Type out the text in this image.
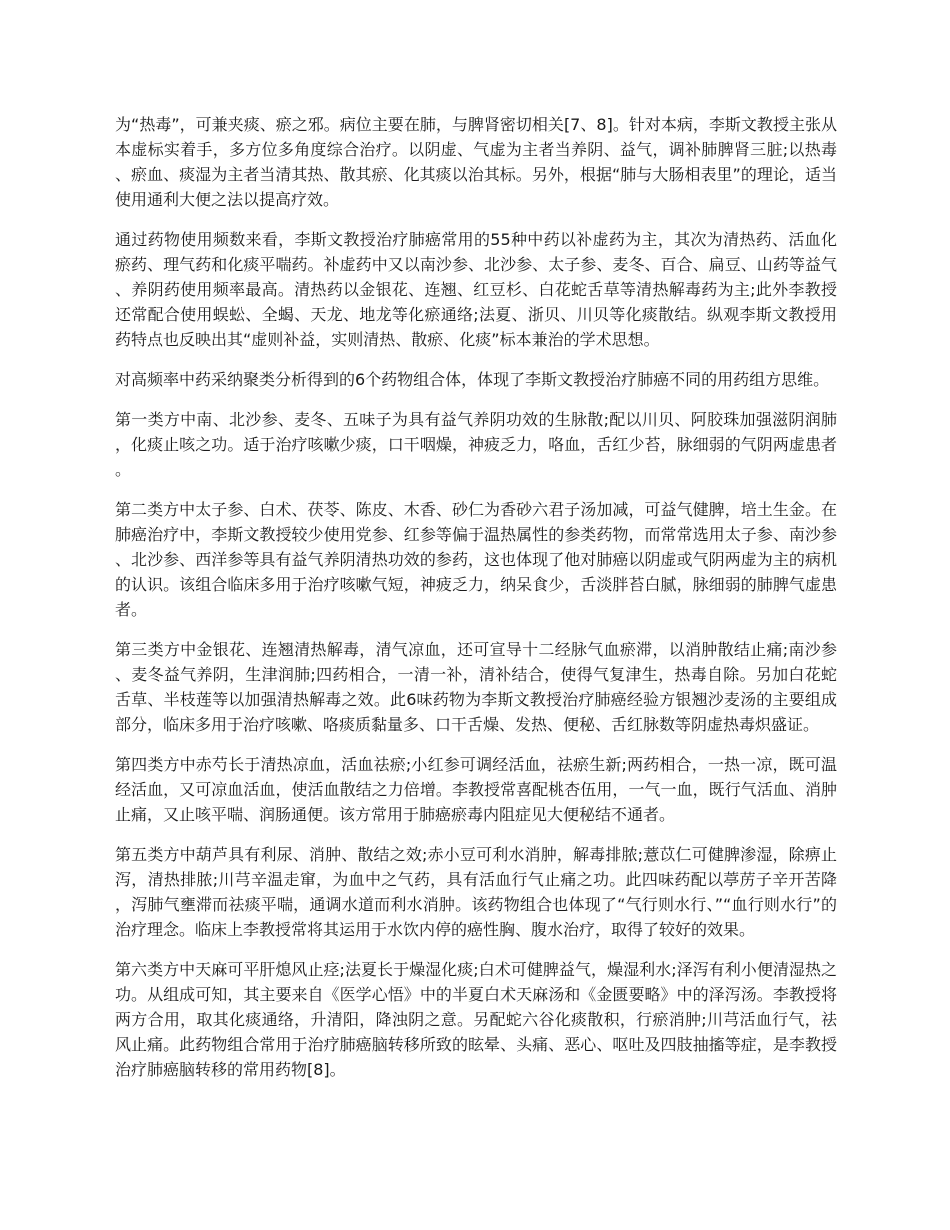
为“热毒”，可兼夹痰、瘀之邪。病位主要在肺，与脾肾密切相关[7、8]。针对本病，李斯文教授主张从本虚标实着手，多方位多角度综合治疗。以阴虚、气虚为主者当养阴、益气，调补肺脾肾三脏;以热毒、瘀血、痰湿为主者当清其热、散其瘀、化其痰以治其标。另外，根据“肺与大肠相表里”的理论，适当使用通利大便之法以提高疗效。

通过药物使用频数来看，李斯文教授治疗肺癌常用的55种中药以补虚药为主，其次为清热药、活血化瘀药、理气药和化痰平喘药。补虚药中又以南沙参、北沙参、太子参、麦冬、百合、扁豆、山药等益气、养阴药使用频率最高。清热药以金银花、连翘、红豆杉、白花蛇舌草等清热解毒药为主;此外李教授还常配合使用蜈蚣、全蝎、天龙、地龙等化瘀通络;法夏、浙贝、川贝等化痰散结。纵观李斯文教授用药特点也反映出其“虚则补益，实则清热、散瘀、化痰”标本兼治的学术思想。

对高频率中药采纳聚类分析得到的6个药物组合体，体现了李斯文教授治疗肺癌不同的用药组方思维。

第一类方中南、北沙参、麦冬、五味子为具有益气养阴功效的生脉散;配以川贝、阿胶珠加强滋阴润肺，化痰止咳之功。适于治疗咳嗽少痰，口干咽燥，神疲乏力，咯血，舌红少苔，脉细弱的气阴两虚患者。

第二类方中太子参、白术、茯苓、陈皮、木香、砂仁为香砂六君子汤加减，可益气健脾，培土生金。在肺癌治疗中，李斯文教授较少使用党参、红参等偏于温热属性的参类药物，而常常选用太子参、南沙参、北沙参、西洋参等具有益气养阴清热功效的参药，这也体现了他对肺癌以阴虚或气阴两虚为主的病机的认识。该组合临床多用于治疗咳嗽气短，神疲乏力，纳呆食少，舌淡胖苔白腻，脉细弱的肺脾气虚患者。

第三类方中金银花、连翘清热解毒，清气凉血，还可宣导十二经脉气血瘀滞，以消肿散结止痛;南沙参、麦冬益气养阴，生津润肺;四药相合，一清一补，清补结合，使得气复津生，热毒自除。另加白花蛇舌草、半枝莲等以加强清热解毒之效。此6味药物为李斯文教授治疗肺癌经验方银翘沙麦汤的主要组成部分，临床多用于治疗咳嗽、咯痰质黏量多、口干舌燥、发热、便秘、舌红脉数等阴虚热毒炽盛证。

第四类方中赤芍长于清热凉血，活血祛瘀;小红参可调经活血，祛瘀生新;两药相合，一热一凉，既可温经活血，又可凉血活血，使活血散结之力倍增。李教授常喜配桃杏伍用，一气一血，既行气活血、消肿止痛，又止咳平喘、润肠通便。该方常用于肺癌瘀毒内阻症见大便秘结不通者。

第五类方中葫芦具有利尿、消肿、散结之效;赤小豆可利水消肿，解毒排脓;薏苡仁可健脾渗湿，除痹止泻，清热排脓;川芎辛温走窜，为血中之气药，具有活血行气止痛之功。此四味药配以葶苈子辛开苦降，泻肺气壅滞而祛痰平喘，通调水道而利水消肿。该药物组合也体现了“气行则水行、”“血行则水行”的治疗理念。临床上李教授常将其运用于水饮内停的癌性胸、腹水治疗，取得了较好的效果。

第六类方中天麻可平肝熄风止痉;法夏长于燥湿化痰;白术可健脾益气，燥湿利水;泽泻有利小便清湿热之功。从组成可知，其主要来自《医学心悟》中的半夏白术天麻汤和《金匮要略》中的泽泻汤。李教授将两方合用，取其化痰通络，升清阳，降浊阴之意。另配蛇六谷化痰散积，行瘀消肿;川芎活血行气，祛风止痛。此药物组合常用于治疗肺癌脑转移所致的眩晕、头痛、恶心、呕吐及四肢抽搐等症，是李教授治疗肺癌脑转移的常用药物[8]。
